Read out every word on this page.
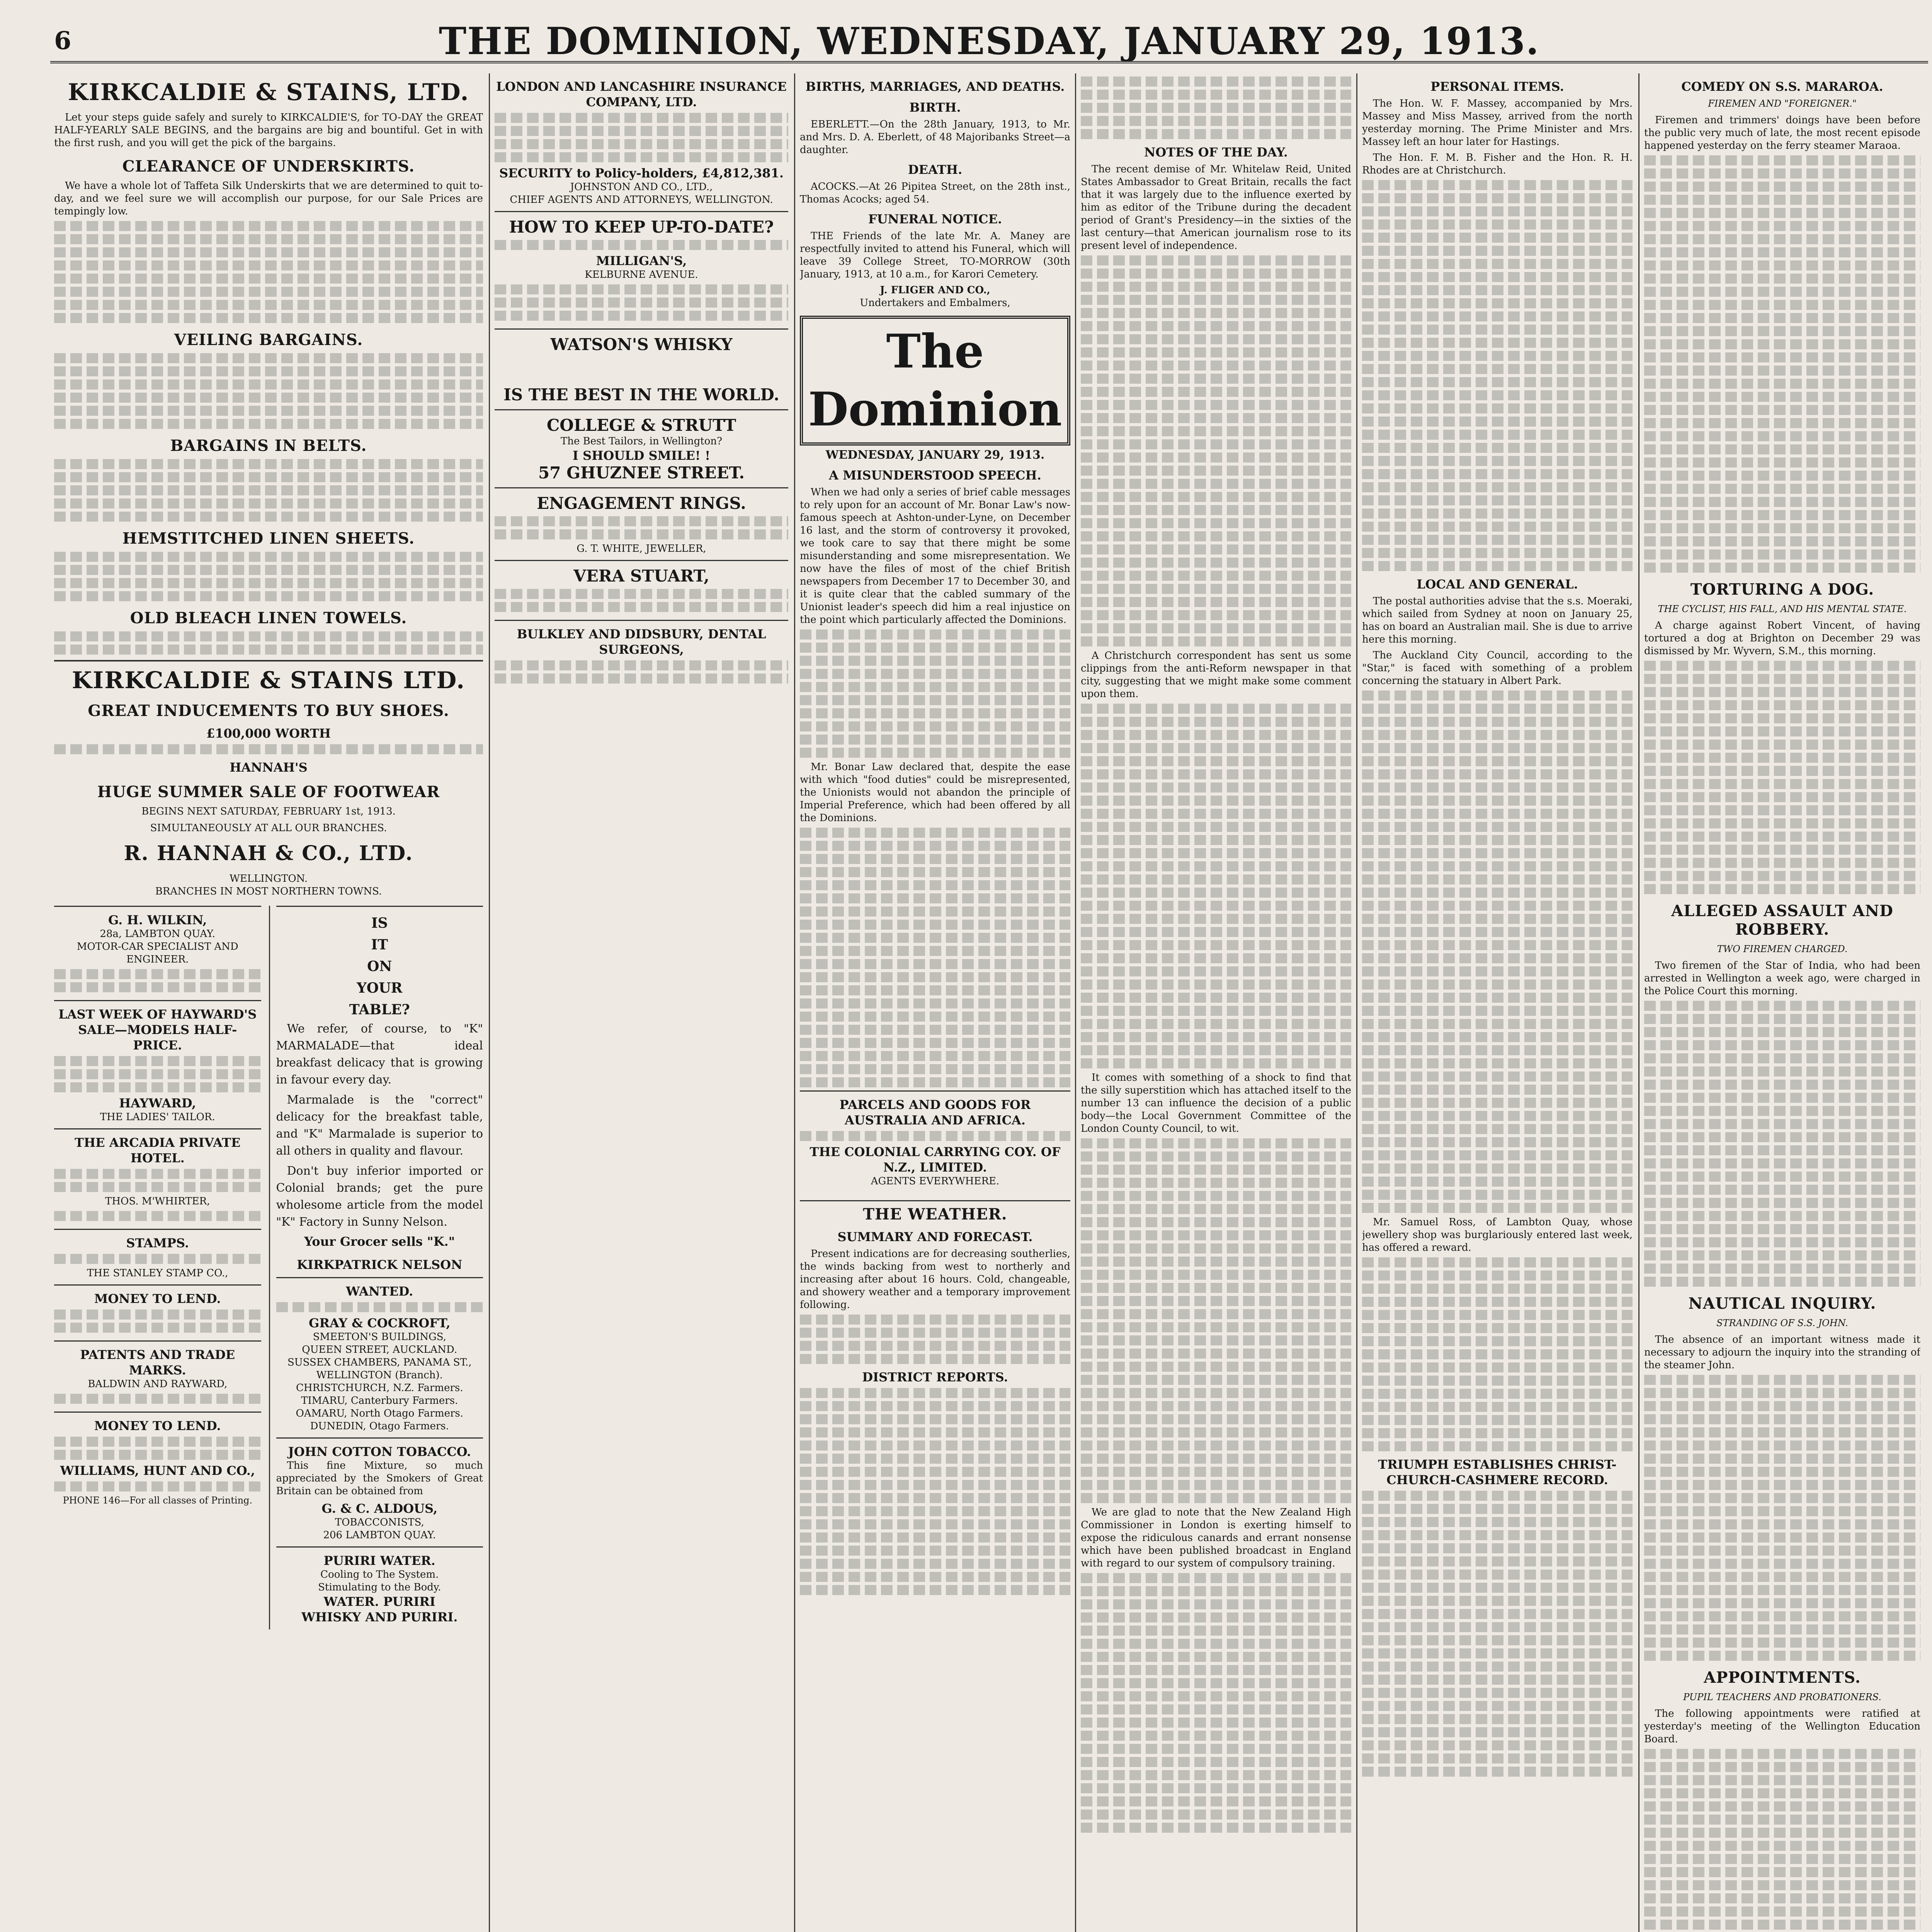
6	THE DOMINION, WEDNESDAY, JANUARY 29, 1913.
KIRKCALDIE & STAINS, LTD.

Let your steps guide safely and surely to KIRKCALDIE'S, for TO-DAY the GREAT HALF-YEARLY SALE BEGINS, and the bargains are big and bountiful. Get in with the first rush, and you will get the pick of the bargains.

CLEARANCE OF UNDERSKIRTS.

We have a whole lot of Taffeta Silk Underskirts that we are determined to quit to-day, and we feel sure we will accomplish our purpose, for our Sale Prices are tempingly low.

VEILING BARGAINS.
BARGAINS IN BELTS.
HEMSTITCHED LINEN SHEETS.
OLD BLEACH LINEN TOWELS.
KIRKCALDIE & STAINS LTD.
GREAT INDUCEMENTS TO BUY SHOES.
£100,000 WORTH
HANNAH'S
HUGE SUMMER SALE OF FOOTWEAR
BEGINS NEXT SATURDAY, FEBRUARY 1st, 1913.
SIMULTANEOUSLY AT ALL OUR BRANCHES.
R. HANNAH & CO., LTD.
WELLINGTON.
BRANCHES IN MOST NORTHERN TOWNS.
G. H. WILKIN,
28a, LAMBTON QUAY.
MOTOR-CAR SPECIALIST AND ENGINEER.
LAST WEEK OF HAYWARD'S SALE—MODELS HALF-PRICE.
HAYWARD,
THE LADIES' TAILOR.
THE ARCADIA PRIVATE HOTEL.
THOS. M'WHIRTER,
STAMPS.
THE STANLEY STAMP CO.,
MONEY TO LEND.
PATENTS AND TRADE MARKS.
BALDWIN AND RAYWARD,
MONEY TO LEND.
WILLIAMS, HUNT AND CO.,
PHONE 146—For all classes of Printing.
IS
IT
ON
YOUR
TABLE?

We refer, of course, to "K" MARMALADE—that ideal breakfast delicacy that is growing in favour every day.

Marmalade is the "correct" delicacy for the breakfast table, and "K" Marmalade is superior to all others in quality and flavour.

Don't buy inferior imported or Colonial brands; get the pure wholesome article from the model "K" Factory in Sunny Nelson.

Your Grocer sells "K."
KIRKPATRICK NELSON
WANTED.
GRAY & COCKROFT,
SMEETON'S BUILDINGS,
QUEEN STREET, AUCKLAND.
SUSSEX CHAMBERS, PANAMA ST., WELLINGTON (Branch).
CHRISTCHURCH, N.Z. Farmers.
TIMARU, Canterbury Farmers.
OAMARU, North Otago Farmers.
DUNEDIN, Otago Farmers.
JOHN COTTON TOBACCO.

This fine Mixture, so much appreciated by the Smokers of Great Britain can be obtained from

G. & C. ALDOUS,
TOBACCONISTS,
206 LAMBTON QUAY.
PURIRI WATER.
Cooling to The System.
Stimulating to the Body.
WATER. PURIRI
WHISKY AND PURIRI.
LONDON AND LANCASHIRE INSURANCE COMPANY, LTD.
SECURITY to Policy-holders, £4,812,381.
JOHNSTON AND CO., LTD.,
CHIEF AGENTS AND ATTORNEYS, WELLINGTON.
HOW TO KEEP UP-TO-DATE?
MILLIGAN'S,
KELBURNE AVENUE.
WATSON'S WHISKY
IS THE BEST IN THE WORLD.
COLLEGE & STRUTT
The Best Tailors, in Wellington?
I SHOULD SMILE! !
57 GHUZNEE STREET.
ENGAGEMENT RINGS.
G. T. WHITE, JEWELLER,
VERA STUART,
BULKLEY AND DIDSBURY, DENTAL SURGEONS,
BIRTHS, MARRIAGES, AND DEATHS.
BIRTH.

EBERLETT.—On the 28th January, 1913, to Mr. and Mrs. D. A. Eberlett, of 48 Majoribanks Street—a daughter.

DEATH.

ACOCKS.—At 26 Pipitea Street, on the 28th inst., Thomas Acocks; aged 54.

FUNERAL NOTICE.

THE Friends of the late Mr. A. Maney are respectfully invited to attend his Funeral, which will leave 39 College Street, TO-MORROW (30th January, 1913, at 10 a.m., for Karori Cemetery.

J. FLIGER AND CO.,
Undertakers and Embalmers,
The Dominion
WEDNESDAY, JANUARY 29, 1913.
A MISUNDERSTOOD SPEECH.

When we had only a series of brief cable messages to rely upon for an account of Mr. Bonar Law's now-famous speech at Ashton-under-Lyne, on December 16 last, and the storm of controversy it provoked, we took care to say that there might be some misunderstanding and some misrepresentation. We now have the files of most of the chief British newspapers from December 17 to December 30, and it is quite clear that the cabled summary of the Unionist leader's speech did him a real injustice on the point which particularly affected the Dominions.

Mr. Bonar Law declared that, despite the ease with which "food duties" could be misrepresented, the Unionists would not abandon the principle of Imperial Preference, which had been offered by all the Dominions.

PARCELS AND GOODS FOR AUSTRALIA AND AFRICA.
THE COLONIAL CARRYING COY. OF N.Z., LIMITED.
AGENTS EVERYWHERE.
THE WEATHER.
SUMMARY AND FORECAST.

Present indications are for decreasing southerlies, the winds backing from west to northerly and increasing after about 16 hours. Cold, changeable, and showery weather and a temporary improvement following.

DISTRICT REPORTS.
NOTES OF THE DAY.

The recent demise of Mr. Whitelaw Reid, United States Ambassador to Great Britain, recalls the fact that it was largely due to the influence exerted by him as editor of the Tribune during the decadent period of Grant's Presidency—in the sixties of the last century—that American journalism rose to its present level of independence.

A Christchurch correspondent has sent us some clippings from the anti-Reform newspaper in that city, suggesting that we might make some comment upon them.

It comes with something of a shock to find that the silly superstition which has attached itself to the number 13 can influence the decision of a public body—the Local Government Committee of the London County Council, to wit.

We are glad to note that the New Zealand High Commissioner in London is exerting himself to expose the ridiculous canards and errant nonsense which have been published broadcast in England with regard to our system of compulsory training.

PERSONAL ITEMS.

The Hon. W. F. Massey, accompanied by Mrs. Massey and Miss Massey, arrived from the north yesterday morning. The Prime Minister and Mrs. Massey left an hour later for Hastings.

The Hon. F. M. B. Fisher and the Hon. R. H. Rhodes are at Christchurch.

LOCAL AND GENERAL.

The postal authorities advise that the s.s. Moeraki, which sailed from Sydney at noon on January 25, has on board an Australian mail. She is due to arrive here this morning.

The Auckland City Council, according to the "Star," is faced with something of a problem concerning the statuary in Albert Park.

Mr. Samuel Ross, of Lambton Quay, whose jewellery shop was burglariously entered last week, has offered a reward.

TRIUMPH ESTABLISHES CHRIST-CHURCH-CASHMERE RECORD.
COMEDY ON S.S. MARAROA.
FIREMEN AND "FOREIGNER."

Firemen and trimmers' doings have been before the public very much of late, the most recent episode happened yesterday on the ferry steamer Maraoa.

TORTURING A DOG.
THE CYCLIST, HIS FALL, AND HIS MENTAL STATE.

A charge against Robert Vincent, of having tortured a dog at Brighton on December 29 was dismissed by Mr. Wyvern, S.M., this morning.

ALLEGED ASSAULT AND ROBBERY.
TWO FIREMEN CHARGED.

Two firemen of the Star of India, who had been arrested in Wellington a week ago, were charged in the Police Court this morning.

NAUTICAL INQUIRY.
STRANDING OF S.S. JOHN.

The absence of an important witness made it necessary to adjourn the inquiry into the stranding of the steamer John.

APPOINTMENTS.
PUPIL TEACHERS AND PROBATIONERS.

The following appointments were ratified at yesterday's meeting of the Wellington Education Board.
